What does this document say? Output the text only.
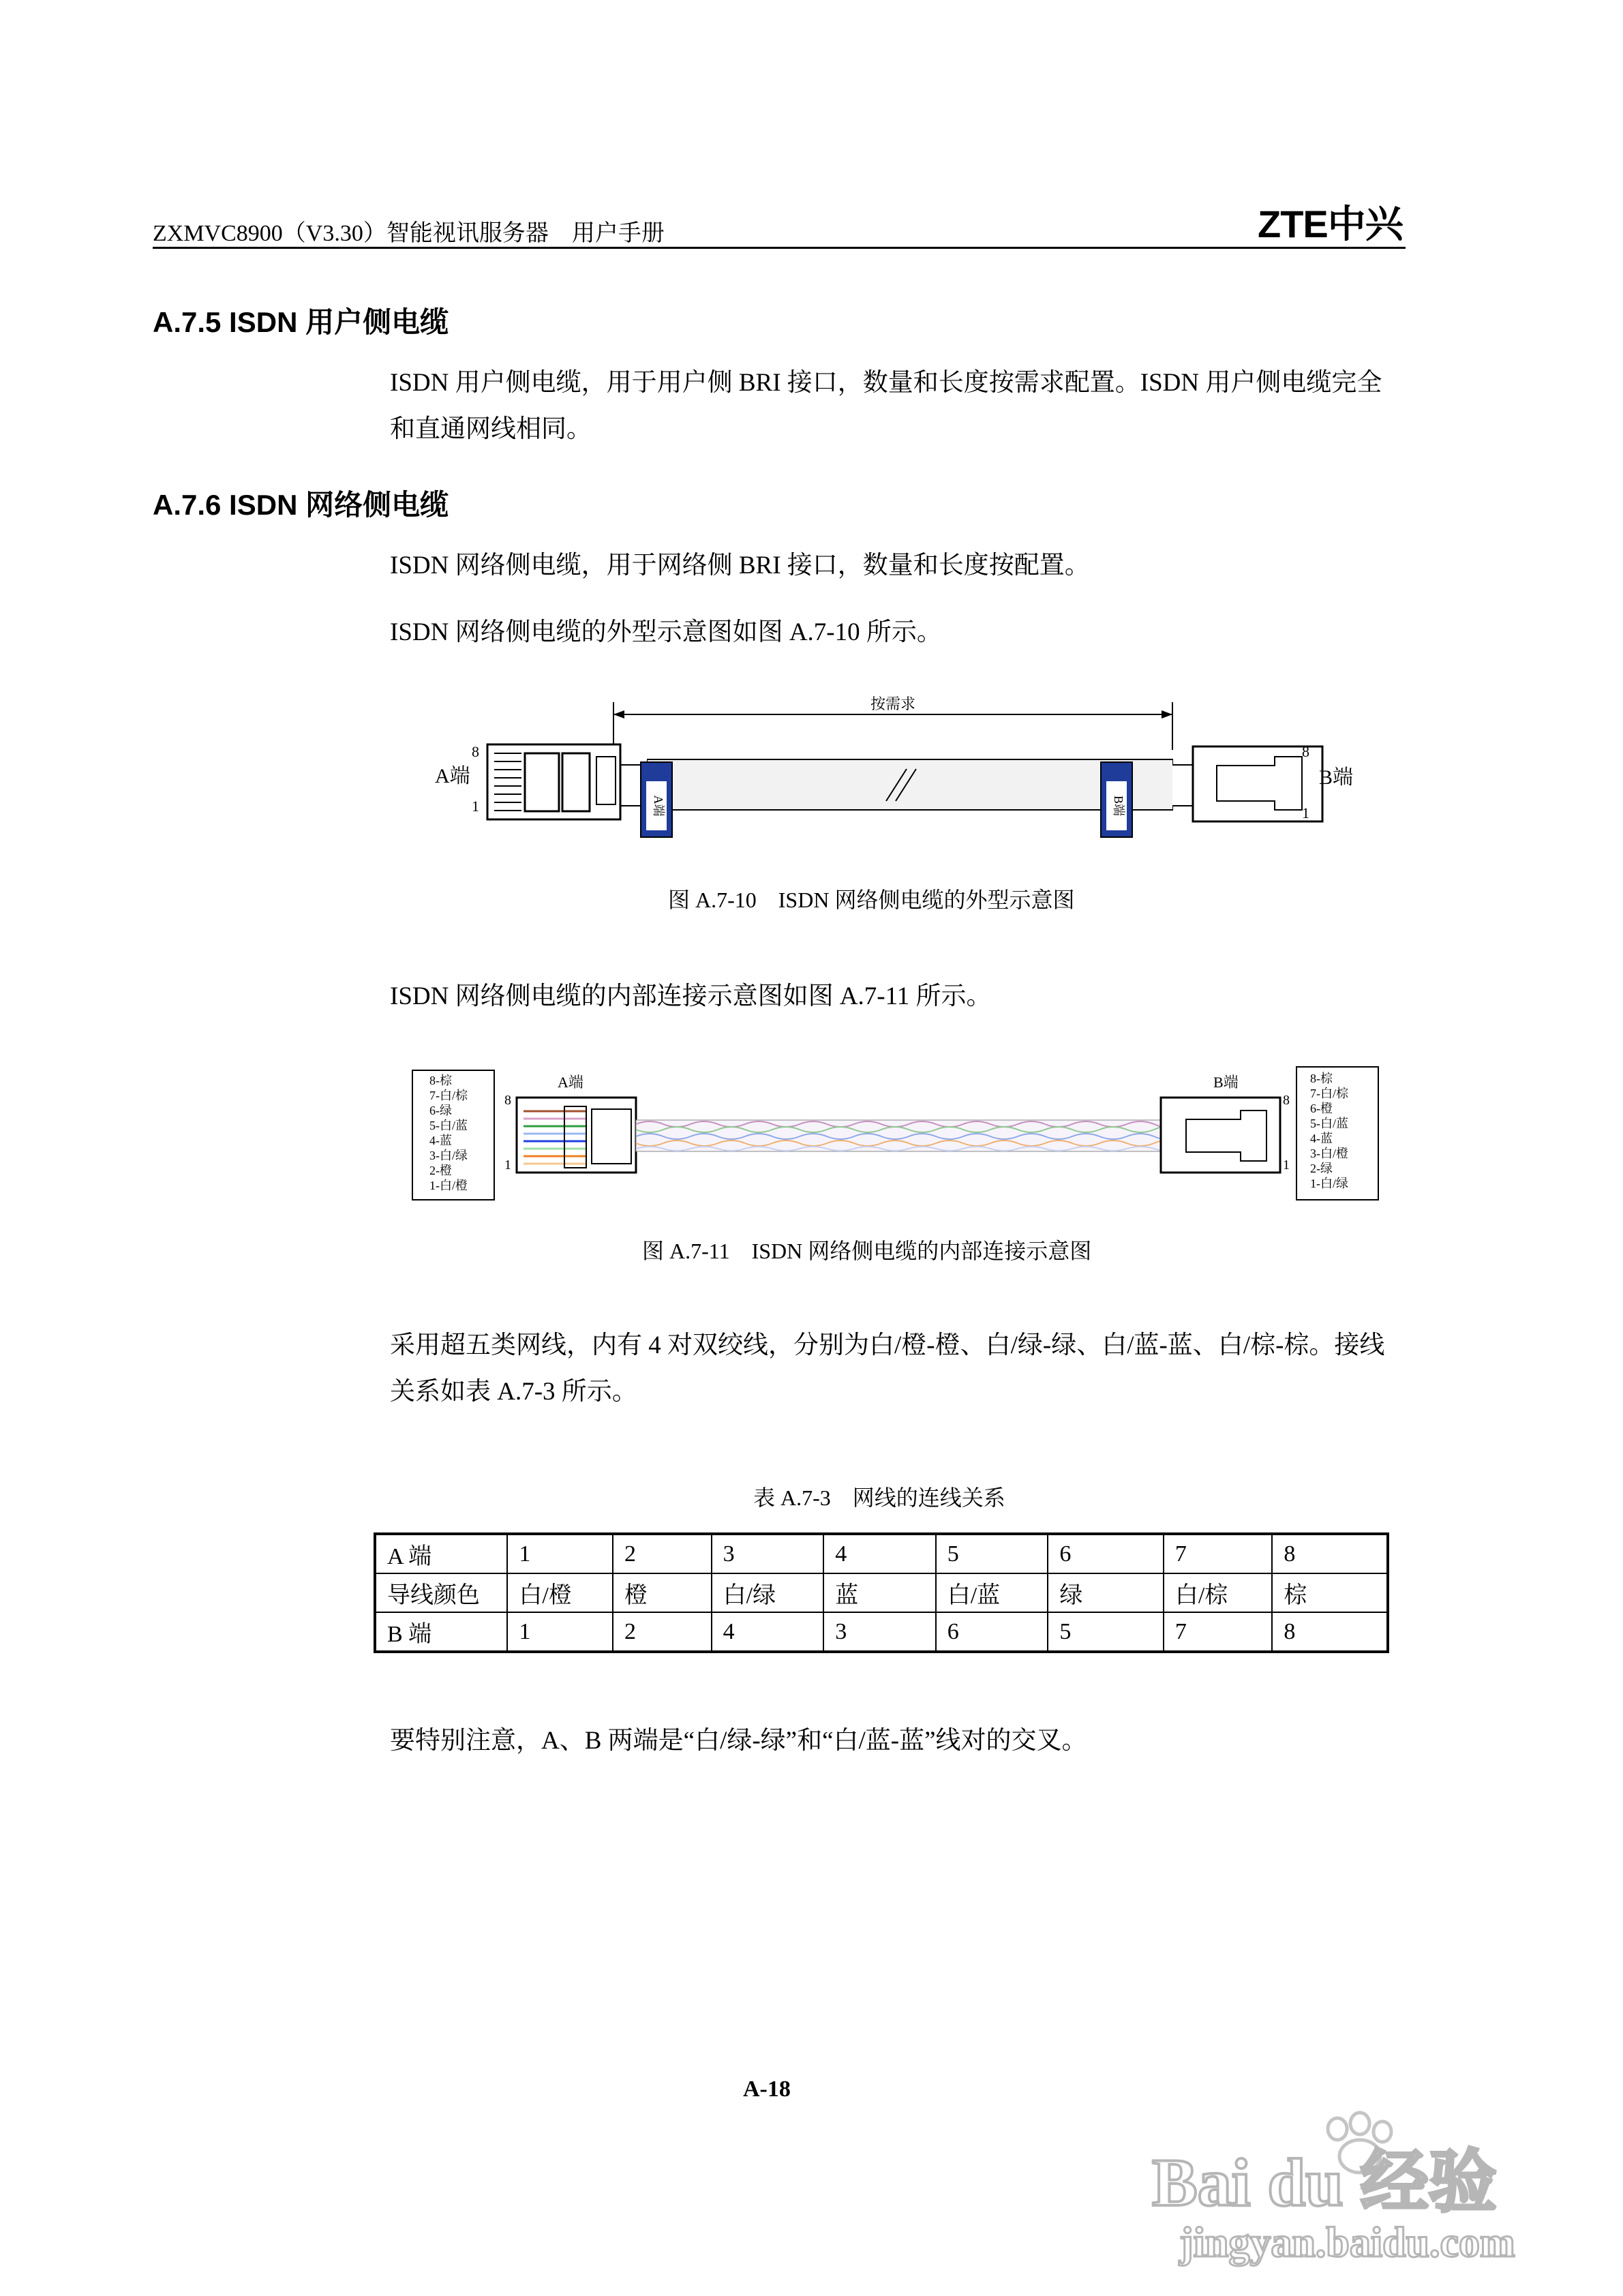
ZXMVC8900（V3.30）智能视讯服务器　用户手册	ZTE中兴
A.7.5 ISDN 用户侧电缆
ISDN 用户侧电缆，用于用户侧 BRI 接口，数量和长度按需求配置。ISDN 用户侧电缆完全和直通网线相同。
A.7.6 ISDN 网络侧电缆
ISDN 网络侧电缆，用于网络侧 BRI 接口，数量和长度按配置。
ISDN 网络侧电缆的外型示意图如图 A.7-10 所示。
按需求
A端
8
1	A端	B端
8
1
B端
图 A.7-10　ISDN 网络侧电缆的外型示意图
ISDN 网络侧电缆的内部连接示意图如图 A.7-11 所示。
8-棕
7-白/棕
6-绿
5-白/蓝
4-蓝
3-白/绿
2-橙
1-白/橙
A端
8
1
B端
8
1
8-棕
7-白/棕
6-橙
5-白/蓝
4-蓝
3-白/橙
2-绿
1-白/绿
图 A.7-11　ISDN 网络侧电缆的内部连接示意图
采用超五类网线，内有 4 对双绞线，分别为白/橙-橙、白/绿-绿、白/蓝-蓝、白/棕-棕。接线关系如表 A.7-3 所示。
表 A.7-3　网线的连线关系
A 端	1	2	3	4	5	6	7	8
导线颜色	白/橙	橙	白/绿	蓝	白/蓝	绿	白/棕	棕
B 端	1	2	4	3	6	5	7	8
要特别注意，A、B 两端是“白/绿-绿”和“白/蓝-蓝”线对的交叉。
A-18
Bai du 经验
jingyan.baidu.com
